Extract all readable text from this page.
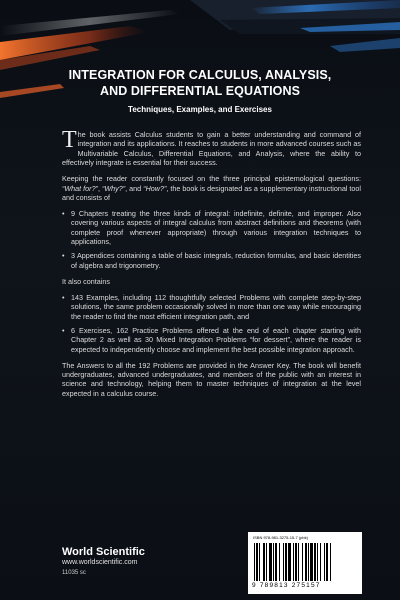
INTEGRATION FOR CALCULUS, ANALYSIS,
AND DIFFERENTIAL EQUATIONS
Techniques, Examples, and Exercises

The book assists Calculus students to gain a better understanding and command of integration and its applications. It reaches to students in more advanced courses such as Multivariable Calculus, Differential Equations, and Analysis, where the ability to effectively integrate is essential for their success.

Keeping the reader constantly focused on the three principal epistemological questions: “What for?”, “Why?”, and “How?”, the book is designated as a supplementary instructional tool and consists of

• 9 Chapters treating the three kinds of integral: indefinite, definite, and improper. Also covering various aspects of integral calculus from abstract definitions and theorems (with complete proof whenever appropriate) through various integration techniques to applications,
• 3 Appendices containing a table of basic integrals, reduction formulas, and basic identities of algebra and trigonometry.

It also contains

• 143 Examples, including 112 thoughtfully selected Problems with complete step-by-step solutions, the same problem occasionally solved in more than one way while encouraging the reader to find the most efficient integration path, and
• 6 Exercises, 162 Practice Problems offered at the end of each chapter starting with Chapter 2 as well as 30 Mixed Integration Problems “for dessert”, where the reader is expected to independently choose and implement the best possible integration approach.

The Answers to all the 192 Problems are provided in the Answer Key. The book will benefit undergraduates, advanced undergraduates, and members of the public with an interest in science and technology, helping them to master techniques of integration at the level expected in a calculus course.

World Scientific
www.worldscientific.com
11035 sc
ISBN 978-981-3275-15-7 (pbk)
9 789813 275157
